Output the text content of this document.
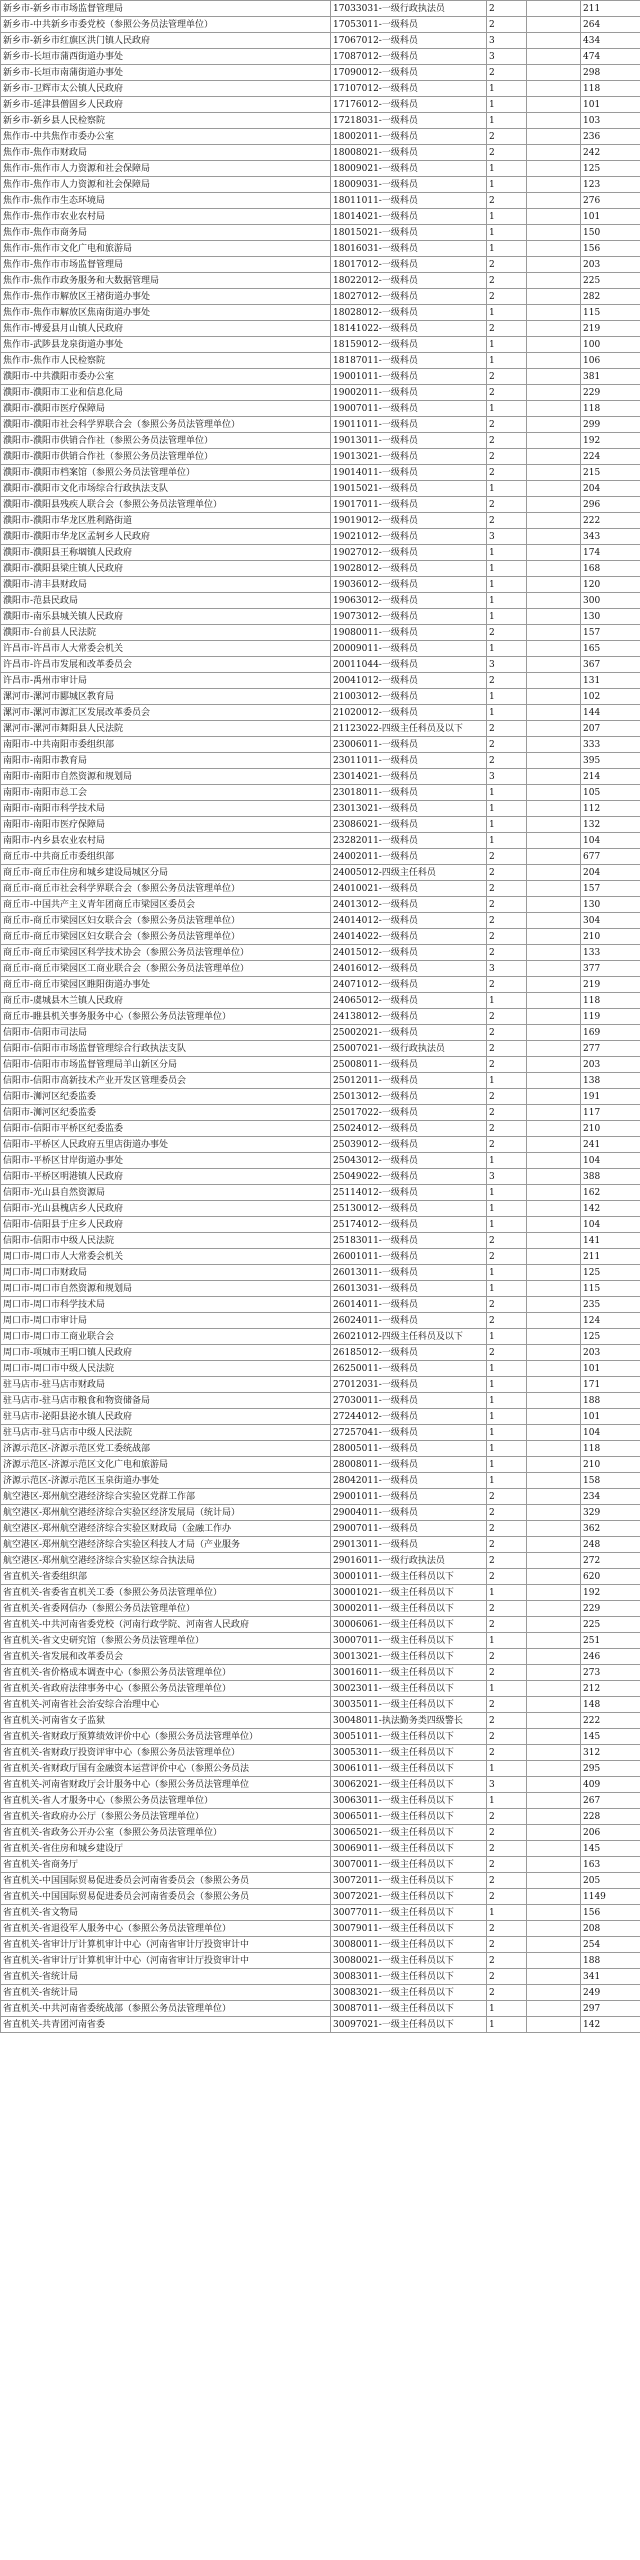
新乡市-新乡市市场监督管理局	17033031-一级行政执法员	2		211
新乡市-中共新乡市委党校（参照公务员法管理单位）	17053011-一级科员	2		264
新乡市-新乡市红旗区洪门镇人民政府	17067012-一级科员	3		434
新乡市-长垣市蒲西街道办事处	17087012-一级科员	3		474
新乡市-长垣市南蒲街道办事处	17090012-一级科员	2		298
新乡市-卫辉市太公镇人民政府	17107012-一级科员	1		118
新乡市-延津县僧固乡人民政府	17176012-一级科员	1		101
新乡市-新乡县人民检察院	17218031-一级科员	1		103
焦作市-中共焦作市委办公室	18002011-一级科员	2		236
焦作市-焦作市财政局	18008021-一级科员	2		242
焦作市-焦作市人力资源和社会保障局	18009021-一级科员	1		125
焦作市-焦作市人力资源和社会保障局	18009031-一级科员	1		123
焦作市-焦作市生态环境局	18011011-一级科员	2		276
焦作市-焦作市农业农村局	18014021-一级科员	1		101
焦作市-焦作市商务局	18015021-一级科员	1		150
焦作市-焦作市文化广电和旅游局	18016031-一级科员	1		156
焦作市-焦作市市场监督管理局	18017012-一级科员	2		203
焦作市-焦作市政务服务和大数据管理局	18022012-一级科员	2		225
焦作市-焦作市解放区王褚街道办事处	18027012-一级科员	2		282
焦作市-焦作市解放区焦南街道办事处	18028012-一级科员	1		115
焦作市-博爱县月山镇人民政府	18141022-一级科员	2		219
焦作市-武陟县龙泉街道办事处	18159012-一级科员	1		100
焦作市-焦作市人民检察院	18187011-一级科员	1		106
濮阳市-中共濮阳市委办公室	19001011-一级科员	2		381
濮阳市-濮阳市工业和信息化局	19002011-一级科员	2		229
濮阳市-濮阳市医疗保障局	19007011-一级科员	1		118
濮阳市-濮阳市社会科学界联合会（参照公务员法管理单位）	19011011-一级科员	2		299
濮阳市-濮阳市供销合作社（参照公务员法管理单位）	19013011-一级科员	2		192
濮阳市-濮阳市供销合作社（参照公务员法管理单位）	19013021-一级科员	2		224
濮阳市-濮阳市档案馆（参照公务员法管理单位）	19014011-一级科员	2		215
濮阳市-濮阳市文化市场综合行政执法支队	19015021-一级科员	1		204
濮阳市-濮阳县残疾人联合会（参照公务员法管理单位）	19017011-一级科员	2		296
濮阳市-濮阳市华龙区胜利路街道	19019012-一级科员	2		222
濮阳市-濮阳市华龙区孟轲乡人民政府	19021012-一级科员	3		343
濮阳市-濮阳县王称堌镇人民政府	19027012-一级科员	1		174
濮阳市-濮阳县梁庄镇人民政府	19028012-一级科员	1		168
濮阳市-清丰县财政局	19036012-一级科员	1		120
濮阳市-范县民政局	19063012-一级科员	1		300
濮阳市-南乐县城关镇人民政府	19073012-一级科员	1		130
濮阳市-台前县人民法院	19080011-一级科员	2		157
许昌市-许昌市人大常委会机关	20009011-一级科员	1		165
许昌市-许昌市发展和改革委员会	20011044-一级科员	3		367
许昌市-禹州市审计局	20041012-一级科员	2		131
漯河市-漯河市郾城区教育局	21003012-一级科员	1		102
漯河市-漯河市源汇区发展改革委员会	21020012-一级科员	1		144
漯河市-漯河市舞阳县人民法院	21123022-四级主任科员及以下	2		207
南阳市-中共南阳市委组织部	23006011-一级科员	2		333
南阳市-南阳市教育局	23011011-一级科员	2		395
南阳市-南阳市自然资源和规划局	23014021-一级科员	3		214
南阳市-南阳市总工会	23018011-一级科员	1		105
南阳市-南阳市科学技术局	23013021-一级科员	1		112
南阳市-南阳市医疗保障局	23086021-一级科员	1		132
南阳市-内乡县农业农村局	23282011-一级科员	1		104
商丘市-中共商丘市委组织部	24002011-一级科员	2		677
商丘市-商丘市住房和城乡建设局城区分局	24005012-四级主任科员	2		204
商丘市-商丘市社会科学界联合会（参照公务员法管理单位）	24010021-一级科员	2		157
商丘市-中国共产主义青年团商丘市梁园区委员会	24013012-一级科员	2		130
商丘市-商丘市梁园区妇女联合会（参照公务员法管理单位）	24014012-一级科员	2		304
商丘市-商丘市梁园区妇女联合会（参照公务员法管理单位）	24014022-一级科员	2		210
商丘市-商丘市梁园区科学技术协会（参照公务员法管理单位）	24015012-一级科员	2		133
商丘市-商丘市梁园区工商业联合会（参照公务员法管理单位）	24016012-一级科员	3		377
商丘市-商丘市梁园区睢阳街道办事处	24071012-一级科员	2		219
商丘市-虞城县木兰镇人民政府	24065012-一级科员	1		118
商丘市-睢县机关事务服务中心（参照公务员法管理单位）	24138012-一级科员	2		119
信阳市-信阳市司法局	25002021-一级科员	2		169
信阳市-信阳市市场监督管理综合行政执法支队	25007021-一级行政执法员	2		277
信阳市-信阳市市场监督管理局羊山新区分局	25008011-一级科员	2		203
信阳市-信阳市高新技术产业开发区管理委员会	25012011-一级科员	1		138
信阳市-浉河区纪委监委	25013012-一级科员	2		191
信阳市-浉河区纪委监委	25017022-一级科员	2		117
信阳市-信阳市平桥区纪委监委	25024012-一级科员	2		210
信阳市-平桥区人民政府五里店街道办事处	25039012-一级科员	2		241
信阳市-平桥区甘岸街道办事处	25043012-一级科员	1		104
信阳市-平桥区明港镇人民政府	25049022-一级科员	3		388
信阳市-光山县自然资源局	25114012-一级科员	1		162
信阳市-光山县槐店乡人民政府	25130012-一级科员	1		142
信阳市-信阳县于庄乡人民政府	25174012-一级科员	1		104
信阳市-信阳市中级人民法院	25183011-一级科员	2		141
周口市-周口市人大常委会机关	26001011-一级科员	2		211
周口市-周口市财政局	26013011-一级科员	1		125
周口市-周口市自然资源和规划局	26013031-一级科员	1		115
周口市-周口市科学技术局	26014011-一级科员	2		235
周口市-周口市审计局	26024011-一级科员	2		124
周口市-周口市工商业联合会	26021012-四级主任科员及以下	1		125
周口市-项城市王明口镇人民政府	26185012-一级科员	2		203
周口市-周口市中级人民法院	26250011-一级科员	1		101
驻马店市-驻马店市财政局	27012031-一级科员	1		171
驻马店市-驻马店市粮食和物资储备局	27030011-一级科员	1		188
驻马店市-泌阳县泌水镇人民政府	27244012-一级科员	1		101
驻马店市-驻马店市中级人民法院	27257041-一级科员	1		104
济源示范区-济源示范区党工委统战部	28005011-一级科员	1		118
济源示范区-济源示范区文化广电和旅游局	28008011-一级科员	1		210
济源示范区-济源示范区玉泉街道办事处	28042011-一级科员	1		158
航空港区-郑州航空港经济综合实验区党群工作部	29001011-一级科员	2		234
航空港区-郑州航空港经济综合实验区经济发展局（统计局）	29004011-一级科员	2		329
航空港区-郑州航空港经济综合实验区财政局（金融工作办	29007011-一级科员	2		362
航空港区-郑州航空港经济综合实验区科技人才局（产业服务	29013011-一级科员	2		248
航空港区-郑州航空港经济综合实验区综合执法局	29016011-一级行政执法员	2		272
省直机关-省委组织部	30001011-一级主任科员以下	2		620
省直机关-省委省直机关工委（参照公务员法管理单位）	30001021-一级主任科员以下	1		192
省直机关-省委网信办（参照公务员法管理单位）	30002011-一级主任科员以下	2		229
省直机关-中共河南省委党校（河南行政学院、河南省人民政府	30006061-一级主任科员以下	2		225
省直机关-省文史研究馆（参照公务员法管理单位）	30007011-一级主任科员以下	1		251
省直机关-省发展和改革委员会	30013021-一级主任科员以下	2		246
省直机关-省价格成本调查中心（参照公务员法管理单位）	30016011-一级主任科员以下	2		273
省直机关-省政府法律事务中心（参照公务员法管理单位）	30023011-一级主任科员以下	1		212
省直机关-河南省社会治安综合治理中心	30035011-一级主任科员以下	2		148
省直机关-河南省女子监狱	30048011-执法勤务类四级警长	2		222
省直机关-省财政厅预算绩效评价中心（参照公务员法管理单位）	30051011-一级主任科员以下	2		145
省直机关-省财政厅投资评审中心（参照公务员法管理单位）	30053011-一级主任科员以下	2		312
省直机关-省财政厅国有金融资本运营评价中心（参照公务员法	30061011-一级主任科员以下	1		295
省直机关-河南省财政厅会计服务中心（参照公务员法管理单位	30062021-一级主任科员以下	3		409
省直机关-省人才服务中心（参照公务员法管理单位）	30063011-一级主任科员以下	1		267
省直机关-省政府办公厅（参照公务员法管理单位）	30065011-一级主任科员以下	2		228
省直机关-省政务公开办公室（参照公务员法管理单位）	30065021-一级主任科员以下	2		206
省直机关-省住房和城乡建设厅	30069011-一级主任科员以下	2		145
省直机关-省商务厅	30070011-一级主任科员以下	2		163
省直机关-中国国际贸易促进委员会河南省委员会（参照公务员	30072011-一级主任科员以下	2		205
省直机关-中国国际贸易促进委员会河南省委员会（参照公务员	30072021-一级主任科员以下	2		1149
省直机关-省文物局	30077011-一级主任科员以下	1		156
省直机关-省退役军人服务中心（参照公务员法管理单位）	30079011-一级主任科员以下	2		208
省直机关-省审计厅计算机审计中心（河南省审计厅投资审计中	30080011-一级主任科员以下	2		254
省直机关-省审计厅计算机审计中心（河南省审计厅投资审计中	30080021-一级主任科员以下	2		188
省直机关-省统计局	30083011-一级主任科员以下	2		341
省直机关-省统计局	30083021-一级主任科员以下	2		249
省直机关-中共河南省委统战部（参照公务员法管理单位）	30087011-一级主任科员以下	1		297
省直机关-共青团河南省委	30097021-一级主任科员以下	1		142
